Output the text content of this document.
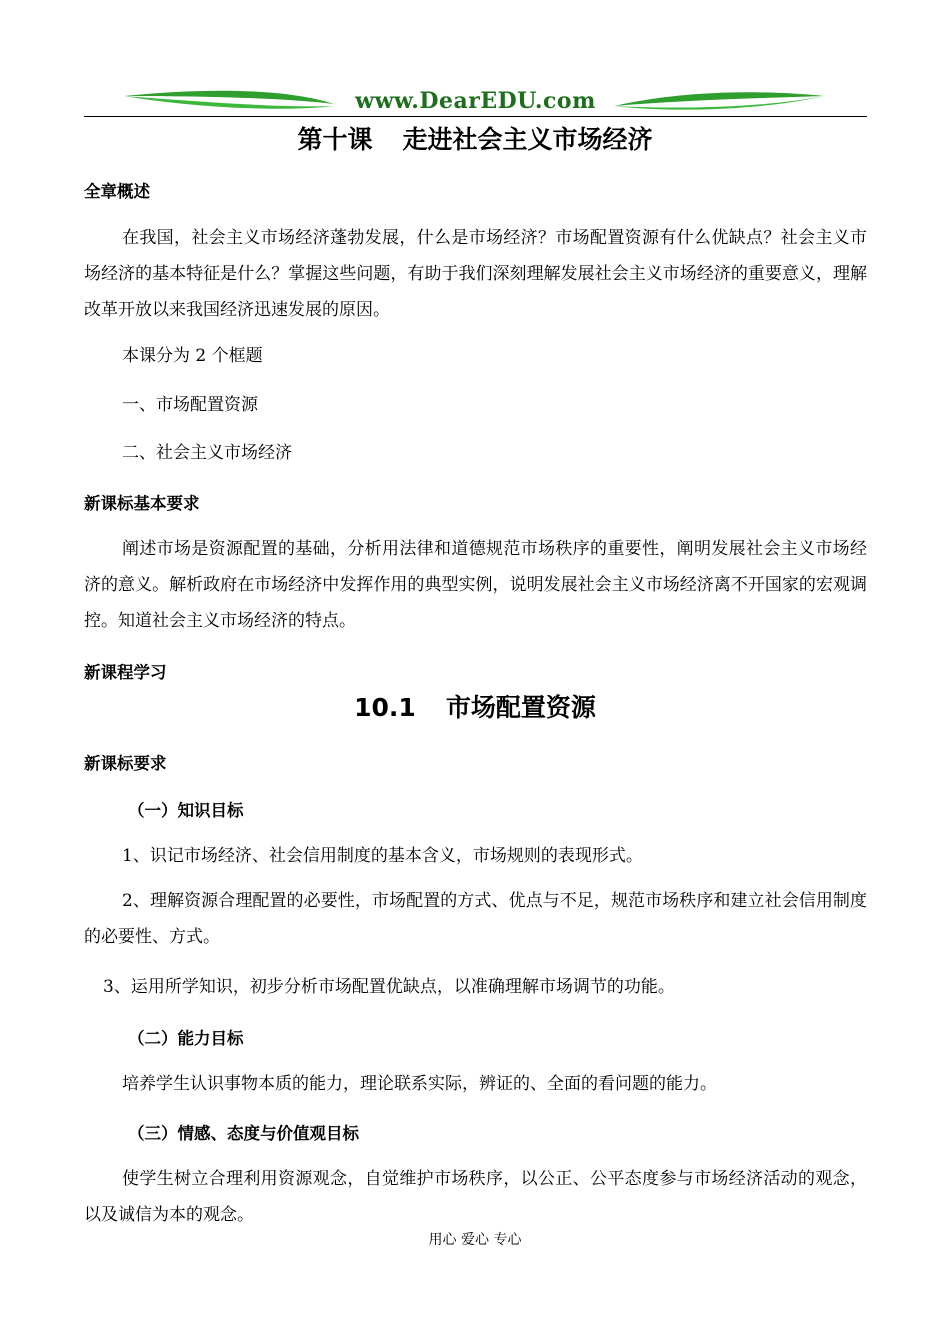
www.DearEDU.com
第十课 走进社会主义市场经济
全章概述
在我国，社会主义市场经济蓬勃发展，什么是市场经济？市场配置资源有什么优缺点？社会主义市场经济的基本特征是什么？掌握这些问题，有助于我们深刻理解发展社会主义市场经济的重要意义，理解改革开放以来我国经济迅速发展的原因。
本课分为 2 个框题
一、市场配置资源
二、社会主义市场经济
新课标基本要求
阐述市场是资源配置的基础，分析用法律和道德规范市场秩序的重要性，阐明发展社会主义市场经济的意义。解析政府在市场经济中发挥作用的典型实例，说明发展社会主义市场经济离不开国家的宏观调控。知道社会主义市场经济的特点。
新课程学习
10.1 市场配置资源
新课标要求
（一）知识目标
1、识记市场经济、社会信用制度的基本含义，市场规则的表现形式。
2、理解资源合理配置的必要性，市场配置的方式、优点与不足，规范市场秩序和建立社会信用制度的必要性、方式。
3、运用所学知识，初步分析市场配置优缺点，以准确理解市场调节的功能。
（二）能力目标
培养学生认识事物本质的能力，理论联系实际，辨证的、全面的看问题的能力。
（三）情感、态度与价值观目标
使学生树立合理利用资源观念，自觉维护市场秩序，以公正、公平态度参与市场经济活动的观念，以及诚信为本的观念。
用心 爱心 专心
